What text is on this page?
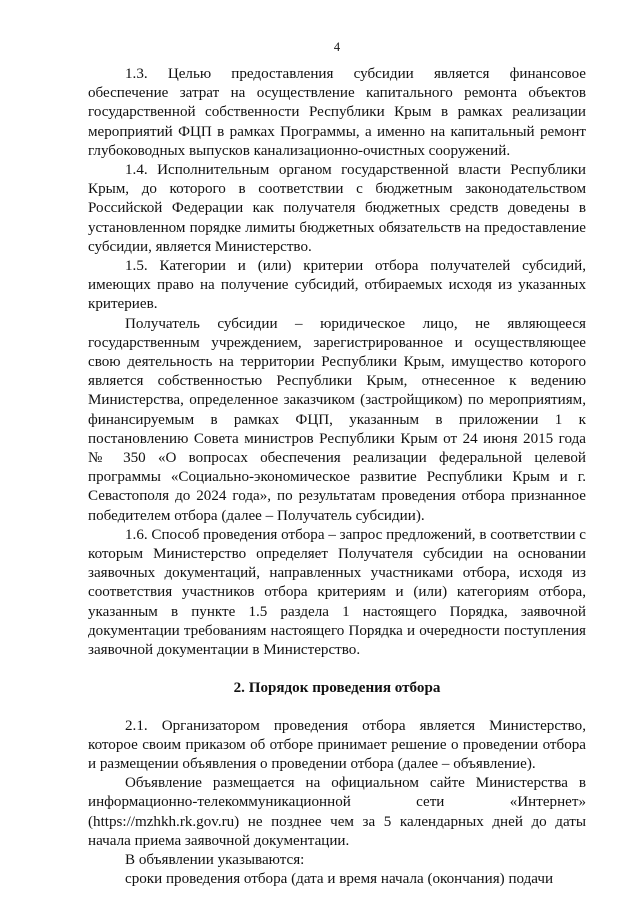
4

1.3. Целью предоставления субсидии является финансовое обеспечение затрат на осуществление капитального ремонта объектов государственной собственности Республики Крым в рамках реализации мероприятий ФЦП в рамках Программы, а именно на капитальный ремонт глубоководных выпусков канализационно-очистных сооружений.

1.4. Исполнительным органом государственной власти Республики Крым, до которого в соответствии с бюджетным законодательством Российской Федерации как получателя бюджетных средств доведены в установленном порядке лимиты бюджетных обязательств на предоставление субсидии, является Министерство.

1.5. Категории и (или) критерии отбора получателей субсидий, имеющих право на получение субсидий, отбираемых исходя из указанных критериев.

Получатель субсидии – юридическое лицо, не являющееся государственным учреждением, зарегистрированное и осуществляющее свою деятельность на территории Республики Крым, имущество которого является собственностью Республики Крым, отнесенное к ведению Министерства, определенное заказчиком (застройщиком) по мероприятиям, финансируемым в рамках ФЦП, указанным в приложении 1 к постановлению Совета министров Республики Крым от 24 июня 2015 года № 350 «О вопросах обеспечения реализации федеральной целевой программы «Социально-экономическое развитие Республики Крым и г. Севастополя до 2024 года», по результатам проведения отбора признанное победителем отбора (далее – Получатель субсидии).

1.6. Способ проведения отбора – запрос предложений, в соответствии с которым Министерство определяет Получателя субсидии на основании заявочных документаций, направленных участниками отбора, исходя из соответствия участников отбора критериям и (или) категориям отбора, указанным в пункте 1.5 раздела 1 настоящего Порядка, заявочной документации требованиям настоящего Порядка и очередности поступления заявочной документации в Министерство.

2. Порядок проведения отбора

2.1. Организатором проведения отбора является Министерство, которое своим приказом об отборе принимает решение о проведении отбора и размещении объявления о проведении отбора (далее – объявление).

Объявление размещается на официальном сайте Министерства в информационно-телекоммуникационной сети «Интернет» (https://mzhkh.rk.gov.ru) не позднее чем за 5 календарных дней до даты начала приема заявочной документации.

В объявлении указываются:

сроки проведения отбора (дата и время начала (окончания) подачи
